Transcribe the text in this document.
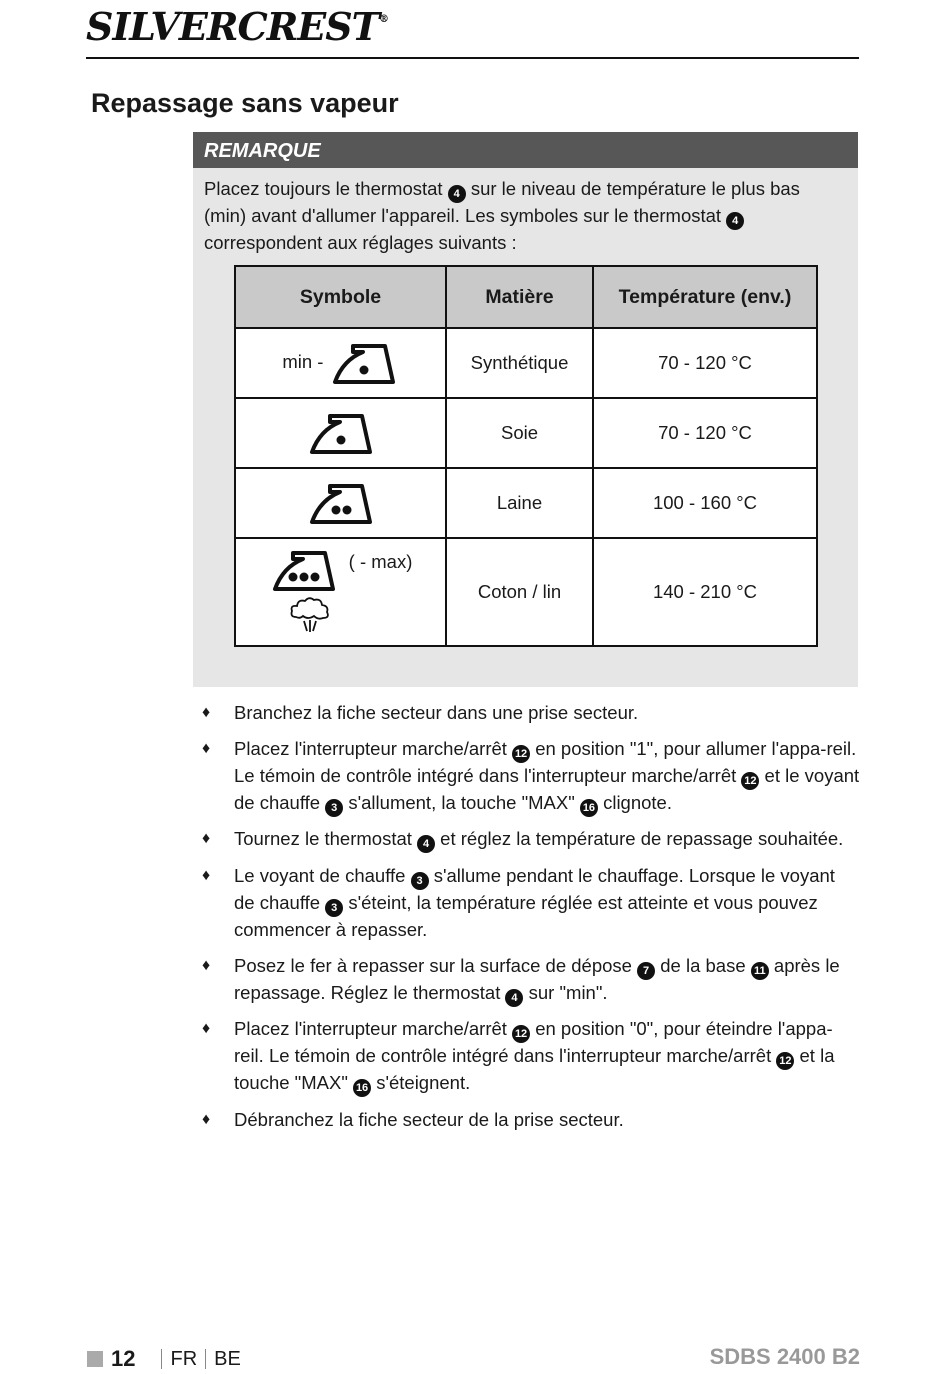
SILVERCREST®
Repassage sans vapeur
REMARQUE
Placez toujours le thermostat 4 sur le niveau de température le plus bas (min) avant d'allumer l'appareil. Les symboles sur le thermostat 4 correspondent aux réglages suivants :
Symbole	Matière	Température (env.)
min -	Synthétique	70 - 120 °C
	Soie	70 - 120 °C
	Laine	100 - 160 °C

( - max)	Coton / lin	140 - 210 °C
♦ Branchez la fiche secteur dans une prise secteur.
♦ Placez l'interrupteur marche/arrêt 12 en position "1", pour allumer l'appa-reil. Le témoin de contrôle intégré dans l'interrupteur marche/arrêt 12 et le voyant de chauffe 3 s'allument, la touche "MAX" 16 clignote.
♦ Tournez le thermostat 4 et réglez la température de repassage souhaitée.
♦ Le voyant de chauffe 3 s'allume pendant le chauffage. Lorsque le voyant de chauffe 3 s'éteint, la température réglée est atteinte et vous pouvez commencer à repasser.
♦ Posez le fer à repasser sur la surface de dépose 7 de la base 11 après le repassage. Réglez le thermostat 4 sur "min".
♦ Placez l'interrupteur marche/arrêt 12 en position "0", pour éteindre l'appa-reil. Le témoin de contrôle intégré dans l'interrupteur marche/arrêt 12 et la touche "MAX" 16 s'éteignent.
♦ Débranchez la fiche secteur de la prise secteur.
12 FR BE	SDBS 2400 B2
